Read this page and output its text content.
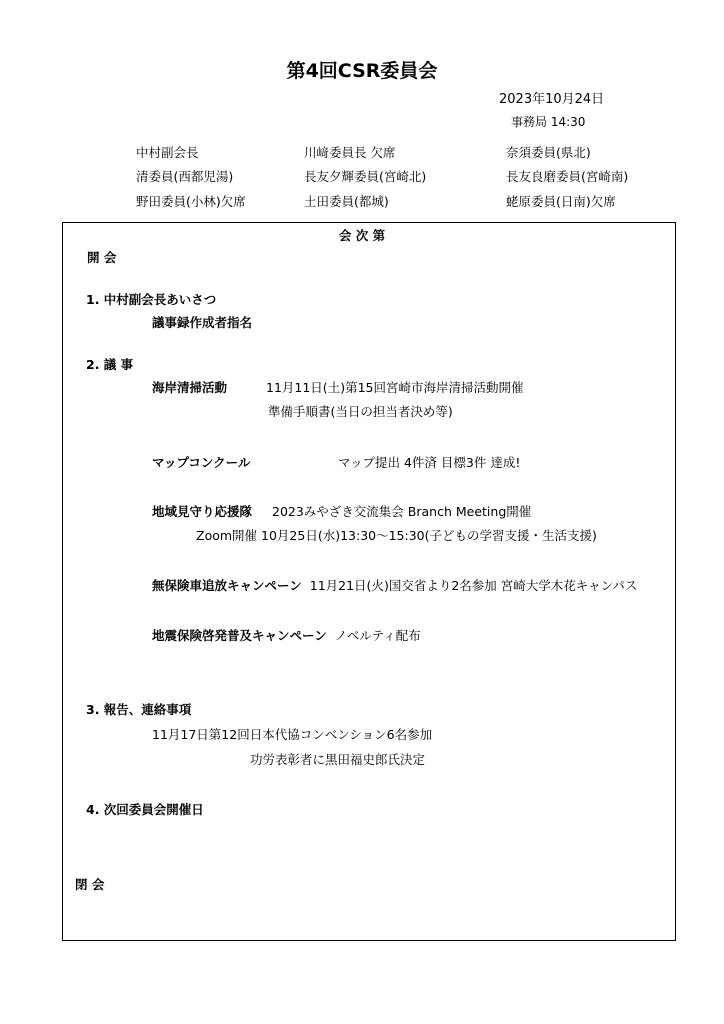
第4回CSR委員会
2023年10月24日
事務局 14:30
中村副会長	川﨑委員長 欠席	奈須委員(県北)
清委員(西都児湯)	長友夕輝委員(宮崎北)	長友良磨委員(宮崎南)
野田委員(小林)欠席	土田委員(都城)	蛯原委員(日南)欠席
会 次 第
開 会
1. 中村副会長あいさつ
議事録作成者指名
2. 議 事
海岸清掃活動	11月11日(土)第15回宮崎市海岸清掃活動開催
準備手順書(当日の担当者決め等)
マップコンクール	マップ提出 4件済 目標3件 達成!
地域見守り応援隊 2023みやざき交流集会 Branch Meeting開催
Zoom開催 10月25日(水)13:30〜15:30(子どもの学習支援・生活支援)
無保険車追放キャンペーン 11月21日(火)国交省より2名参加 宮崎大学木花キャンパス
地震保険啓発普及キャンペーン ノベルティ配布
3. 報告、連絡事項
11月17日第12回日本代協コンベンション6名参加
功労表彰者に黒田福史郎氏決定
4. 次回委員会開催日
閉 会
